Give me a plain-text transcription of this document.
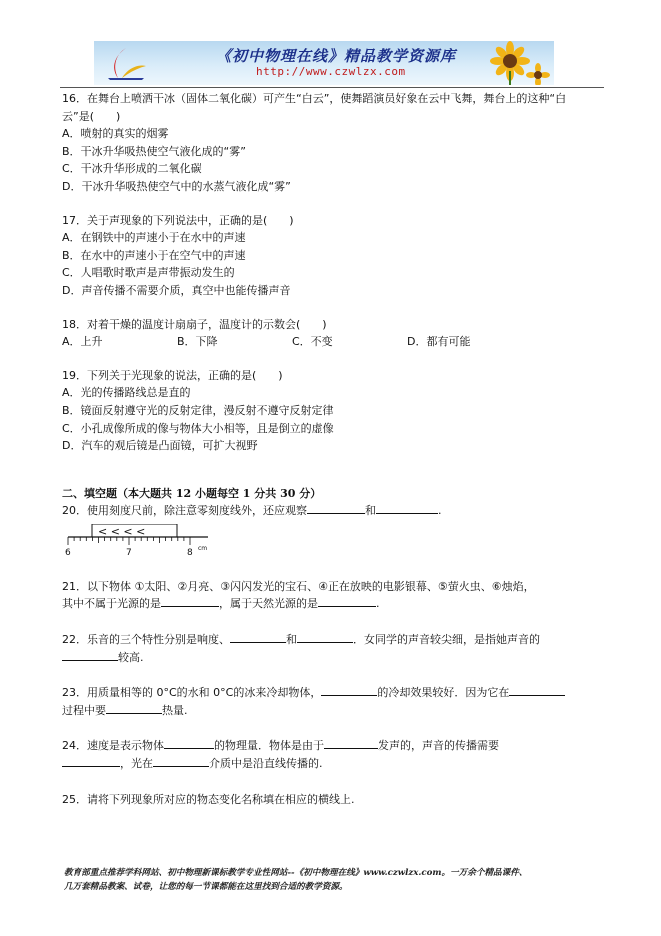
《初中物理在线》精品教学资源库
http://www.czwlzx.com
16．在舞台上喷洒干冰（固体二氧化碳）可产生“白云”，使舞蹈演员好象在云中飞舞，舞台上的这种“白
云”是(　　)
A．喷射的真实的烟雾
B．干冰升华吸热使空气液化成的“雾”
C．干冰升华形成的二氧化碳
D．干冰升华吸热使空气中的水蒸气液化成“雾”
17．关于声现象的下列说法中，正确的是(　　)
A．在钢铁中的声速小于在水中的声速
B．在水中的声速小于在空气中的声速
C．人唱歌时歌声是声带振动发生的
D．声音传播不需要介质，真空中也能传播声音
18．对着干燥的温度计扇扇子，温度计的示数会(　　)
A．上升	B．下降	C．不变	D．都有可能
19．下列关于光现象的说法，正确的是(　　)
A．光的传播路线总是直的
B．镜面反射遵守光的反射定律，漫反射不遵守反射定律
C．小孔成像所成的像与物体大小相等，且是倒立的虚像
D．汽车的观后镜是凸面镜，可扩大视野
二、填空题（本大题共 12 小题每空 1 分共 30 分）
20．使用刻度尺前，除注意零刻度线外，还应观察	和	.
< < < <
6	7	8 cm
21．以下物体 ①太阳、②月亮、③闪闪发光的宝石、④正在放映的电影银幕、⑤萤火虫、⑥烛焰，
其中不属于光源的是	，属于天然光源的是	.
22．乐音的三个特性分别是响度、	和	．女同学的声音较尖细，是指她声音的
较高.
23．用质量相等的 0°C的水和 0°C的冰来冷却物体，	的冷却效果较好．因为它在
过程中要	热量.
24．速度是表示物体	的物理量．物体是由于	发声的，声音的传播需要
，光在	介质中是沿直线传播的.
25．请将下列现象所对应的物态变化名称填在相应的横线上.
教育部重点推荐学科网站、初中物理新课标教学专业性网站--《初中物理在线》www.czwlzx.com。一万余个精品课件、
几万套精品教案、试卷，让您的每一节课都能在这里找到合适的教学资源。
